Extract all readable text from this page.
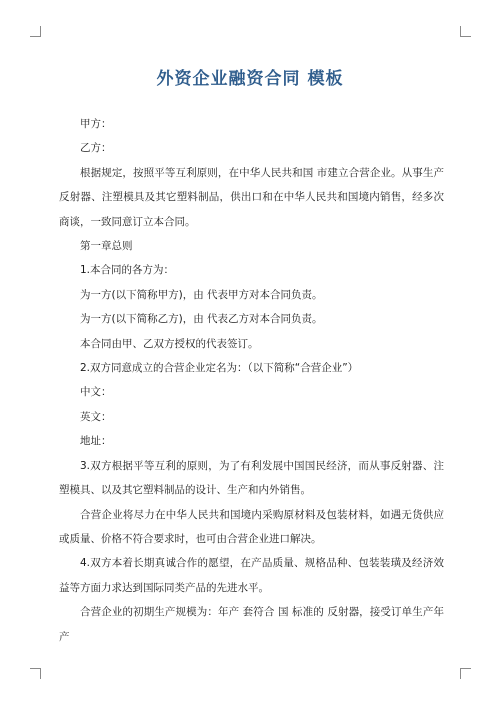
外资企业融资合同 模板

甲方：

乙方：

根据规定，按照平等互利原则，在中华人民共和国 市建立合营企业。从事生产反射器、注塑模具及其它塑料制品，供出口和在中华人民共和国境内销售，经多次商谈，一致同意订立本合同。

第一章总则

1.本合同的各方为：

为一方(以下简称甲方)，由 代表甲方对本合同负责。

为一方(以下简称乙方)，由 代表乙方对本合同负责。

本合同由甲、乙双方授权的代表签订。

2.双方同意成立的合营企业定名为：（以下简称“合营企业”）

中文：

英文：

地址：

3.双方根据平等互利的原则，为了有利发展中国国民经济，而从事反射器、注塑模具、以及其它塑料制品的设计、生产和内外销售。

合营企业将尽力在中华人民共和国境内采购原材料及包装材料，如遇无货供应或质量、价格不符合要求时，也可由合营企业进口解决。

4.双方本着长期真诚合作的愿望，在产品质量、规格品种、包装装璜及经济效益等方面力求达到国际同类产品的先进水平。

合营企业的初期生产规模为：年产 套符合 国 标准的 反射器，接受订单生产年产
